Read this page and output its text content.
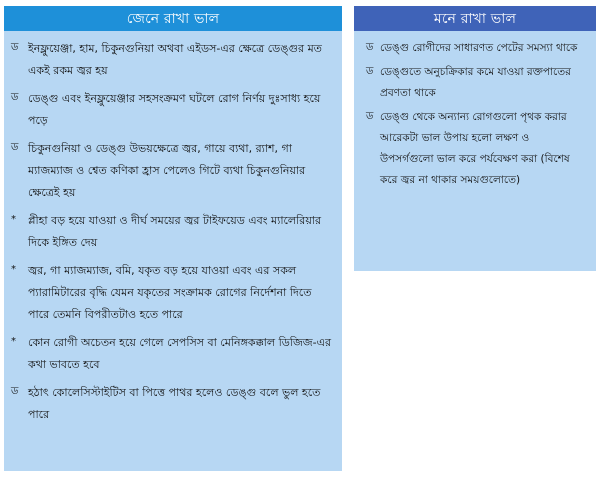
জেনে রাখা ভাল
ড ইনফ্লুয়েঞ্জা, হাম, চিকুনগুনিয়া অথবা এইডস-এর ক্ষেত্রে ডেঙ্গুর মত একই রকম জ্বর হয়
ড ডেঙ্গু এবং ইনফ্লুয়েঞ্জার সহসংক্রমণ ঘটলে রোগ নির্ণয় দুঃসাধ্য হয়ে পড়ে
ড চিকুনগুনিয়া ও ডেঙ্গু উভয়ক্ষেত্রে জ্বর, গায়ে ব্যথা, র‍্যাশ, গা ম্যাজম্যাজ ও শ্বেত কণিকা হ্রাস পেলেও গিটে ব্যথা চিকুনগুনিয়ার ক্ষেত্রেই হয়
*	প্লীহা বড় হয়ে যাওয়া ও দীর্ঘ সময়ের জ্বর টাইফয়েড এবং ম্যালেরিয়ার দিকে ইঙ্গিত দেয়
*	জ্বর, গা ম্যাজম্যাজ, বমি, যকৃত বড় হয়ে যাওয়া এবং এর সকল প্যারামিটারের বৃদ্ধি যেমন যকৃতের সংক্রামক রোগের নির্দেশনা দিতে পারে তেমনি বিপরীতটাও হতে পারে
*	কোন রোগী অচেতন হয়ে গেলে সেপসিস বা মেনিঙ্গকক্কাল ডিজিজ-এর কথা ভাবতে হবে
ড হঠাৎ কোলেসিস্টাইটিস বা পিত্তে পাথর হলেও ডেঙ্গু বলে ভুল হতে পারে
মনে রাখা ভাল
ড ডেঙ্গু রোগীদের সাধারণত পেটের সমস্যা থাকে
ড ডেঙ্গুতে অনুচক্রিকার কমে যাওয়া রক্তপাতের প্রবণতা থাকে
ড ডেঙ্গু থেকে অন্যান্য রোগগুলো পৃথক করার আরেকটা ভাল উপায় হলো লক্ষণ ও উপসর্গগুলো ভাল করে পর্যবেক্ষণ করা (বিশেষ করে জ্বর না থাকার সময়গুলোতে)
